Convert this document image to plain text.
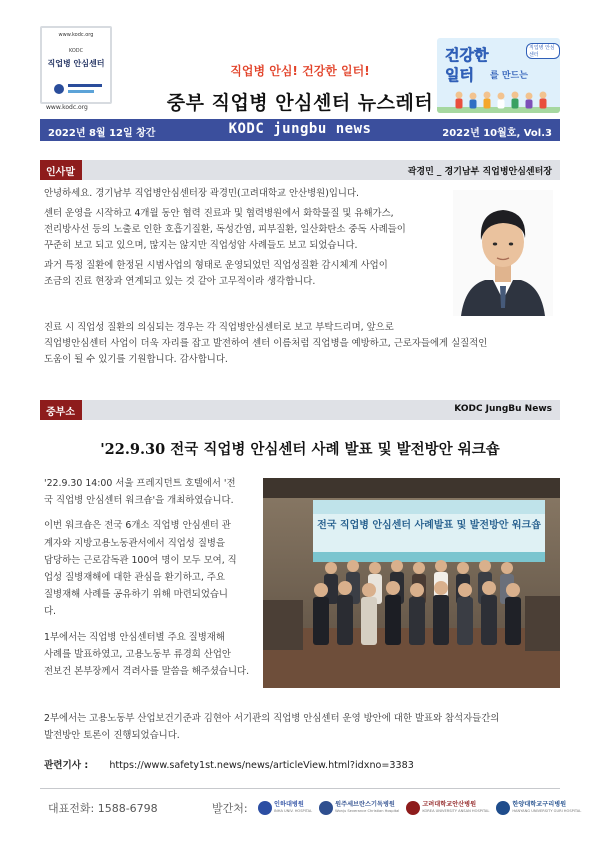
www.kodc.org
KODC
직업병 안심센터
www.kodc.org
직업병 안심! 건강한 일터!
중부 직업병 안심센터 뉴스레터
건강한
일터 를 만드는
직업병 안심센터
2022년 8월 12일 창간	KODC jungbu news	2022년 10월호, Vol.3
인사말	곽경민 _ 경기남부 직업병안심센터장

안녕하세요. 경기남부 직업병안심센터장 곽경민(고려대학교 안산병원)입니다.

센터 운영을 시작하고 4개월 동안 협력 진료과 및 협력병원에서 화학물질 및 유해가스,
전리방사선 등의 노출로 인한 호흡기질환, 독성간염, 피부질환, 일산화탄소 중독 사례들이
꾸준히 보고 되고 있으며, 많지는 않지만 직업성암 사례들도 보고 되었습니다.

과거 특정 질환에 한정된 시범사업의 형태로 운영되었던 직업성질환 감시체계 사업이
조금의 진료 현장과 연계되고 있는 것 같아 고무적이라 생각합니다.

진료 시 직업성 질환의 의심되는 경우는 각 직업병안심센터로 보고 부탁드리며, 앞으로
직업병안심센터 사업이 더욱 자리를 잡고 발전하여 센터 이름처럼 직업병을 예방하고, 근로자들에게 실질적인
도움이 될 수 있기를 기원합니다. 감사합니다.

중부소식
KODC JungBu News
'22.9.30 전국 직업병 안심센터 사례 발표 및 발전방안 워크숍

'22.9.30 14:00 서울 프레지던트 호텔에서 '전
국 직업병 안심센터 워크숍'을 개최하였습니다.

이번 워크숍은 전국 6개소 직업병 안심센터 관
계자와 지방고용노동관서에서 직업성 질병을
담당하는 근로감독관 100여 명이 모두 모여, 직
업성 질병재해에 대한 관심을 환기하고, 주요
질병재해 사례를 공유하기 위해 마련되었습니
다.

1부에서는 직업병 안심센터별 주요 질병재해
사례를 발표하였고, 고용노동부 류경희 산업안
전보건 본부장께서 격려사를 말씀을 해주셨습니다.

전국 직업병 안심센터 사례발표 및 발전방안 워크숍
2부에서는 고용노동부 산업보건기준과 김현아 서기관의 직업병 안심센터 운영 방안에 대한 발표와 참석자들간의
발전방안 토론이 진행되었습니다.
관련기사 : https://www.safety1st.news/news/articleView.html?idxno=3383
대표전화: 1588-6798	발간처:	인하대병원
INHA UNIV. HOSPITAL
원주세브란스기독병원
Wonju Severance Christian Hospital
고려대학교안산병원
KOREA UNIVERSITY ANSAN HOSPITAL
한양대학교구리병원
HANYANG UNIVERSITY GURI HOSPITAL
